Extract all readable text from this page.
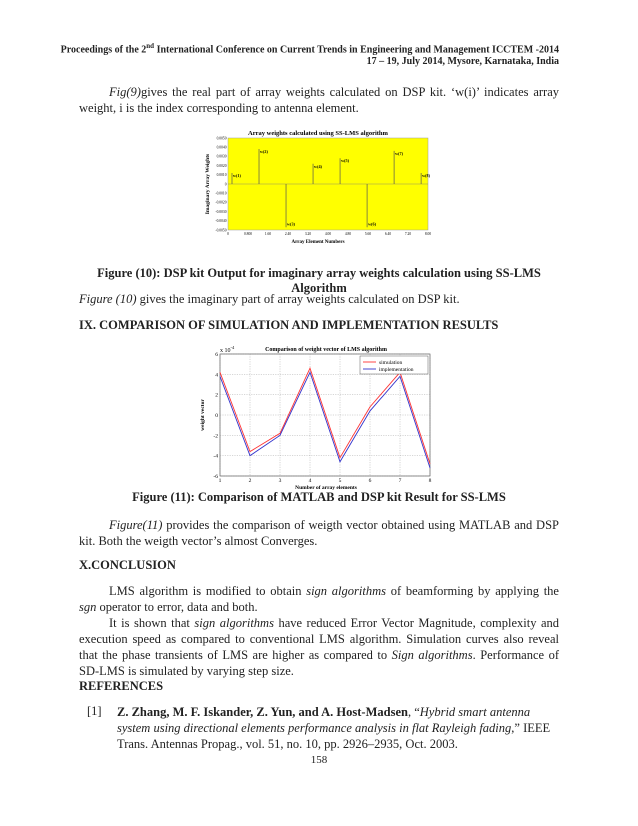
Proceedings of the 2nd International Conference on Current Trends in Engineering and Management ICCTEM -2014
17 – 19, July 2014, Mysore, Karnataka, India
Fig(9)gives the real part of array weights calculated on DSP kit. ‘w(i)’ indicates array weight, i is the index corresponding to antenna element.
Array weights calculated using SS-LMS algorithm
0.0050
0.0040
0.0030
0.0020
0.0010
0
-0.0010
-0.0020
-0.0030
-0.0040
-0.0050
0	0.800	1.60	2.40	3.20	4.00	4.80	5.60	6.40	7.20	8.00
w(1)
w(2)
w(3)
w(4)
w(5)
w(6)
w(7)
w(8)
Array Element Numbers
Imaginary Array Weights
Figure (10): DSP kit Output for imaginary array weights calculation using SS-LMS Algorithm
Figure (10) gives the imaginary part of array weights calculated on DSP kit.
IX. COMPARISON OF SIMULATION AND IMPLEMENTATION RESULTS
Comparison of weight vector of LMS algorithm
x $10^{-4}$
1	2	3	4	5	6	7	8
6
4
2
0
-2
-4
-6
simulation
implementation
Number of array elements
weight vector
Figure (11): Comparison of MATLAB and DSP kit Result for SS-LMS
Figure(11) provides the comparison of weigth vector obtained using MATLAB and DSP kit. Both the weigth vector’s almost Converges.
X.CONCLUSION
LMS algorithm is modified to obtain sign algorithms of beamforming by applying the sgn operator to error, data and both.
It is shown that sign algorithms have reduced Error Vector Magnitude, complexity and execution speed as compared to conventional LMS algorithm. Simulation curves also reveal that the phase transients of LMS are higher as compared to Sign algorithms. Performance of SD-LMS is simulated by varying step size.
REFERENCES
[1] Z. Zhang, M. F. Iskander, Z. Yun, and A. Host-Madsen, “Hybrid smart antenna system using directional elements performance analysis in flat Rayleigh fading,” IEEE Trans. Antennas Propag., vol. 51, no. 10, pp. 2926–2935, Oct. 2003.
158
